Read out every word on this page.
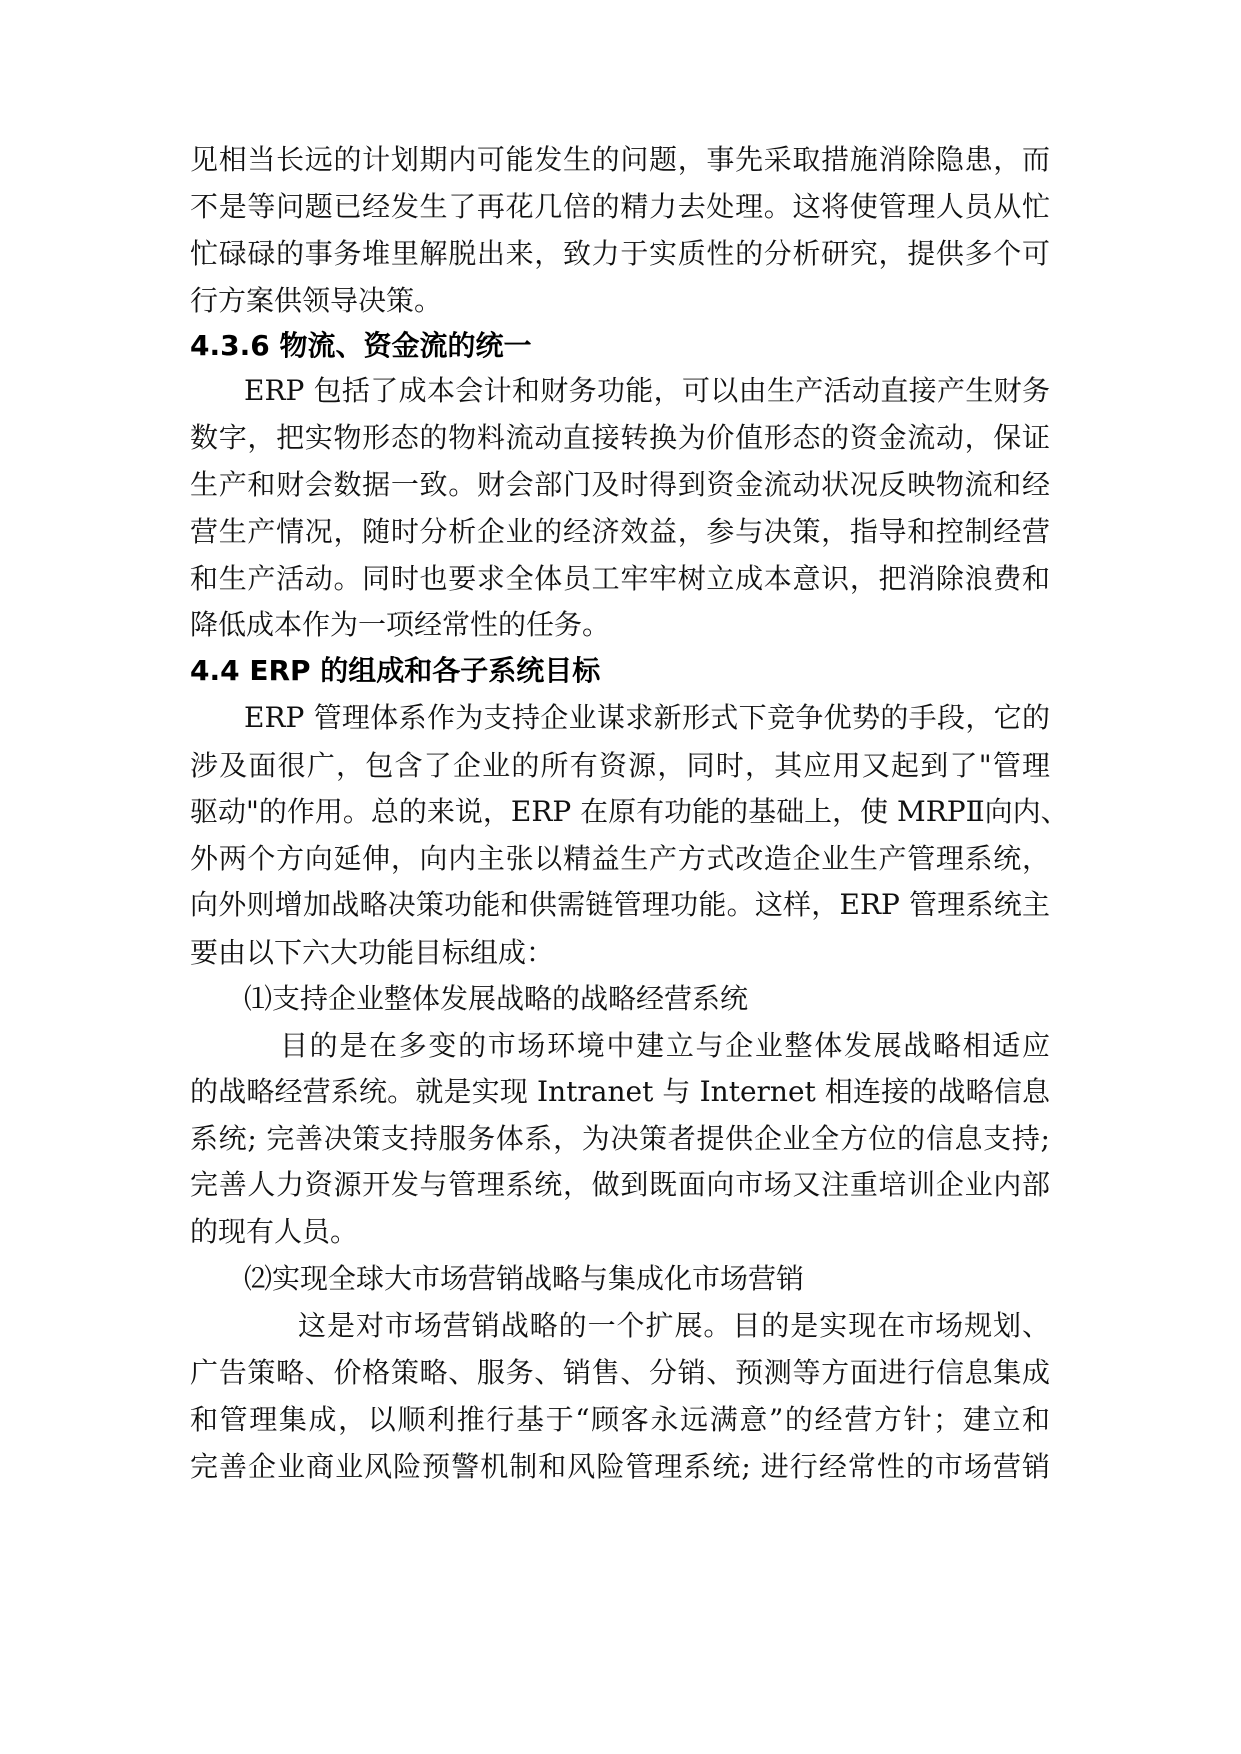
见相当长远的计划期内可能发生的问题，事先采取措施消除隐患，而
不是等问题已经发生了再花几倍的精力去处理。这将使管理人员从忙
忙碌碌的事务堆里解脱出来，致力于实质性的分析研究，提供多个可
行方案供领导决策。
4.3.6 物流、资金流的统一
ERP 包括了成本会计和财务功能，可以由生产活动直接产生财务
数字，把实物形态的物料流动直接转换为价值形态的资金流动，保证
生产和财会数据一致。财会部门及时得到资金流动状况反映物流和经
营生产情况，随时分析企业的经济效益，参与决策，指导和控制经营
和生产活动。同时也要求全体员工牢牢树立成本意识，把消除浪费和
降低成本作为一项经常性的任务。
4.4 ERP 的组成和各子系统目标
ERP 管理体系作为支持企业谋求新形式下竞争优势的手段，它的
涉及面很广，包含了企业的所有资源，同时，其应用又起到了"管理
驱动"的作用。总的来说，ERP 在原有功能的基础上，使 MRPⅡ向内、
外两个方向延伸，向内主张以精益生产方式改造企业生产管理系统，
向外则增加战略决策功能和供需链管理功能。这样，ERP 管理系统主
要由以下六大功能目标组成：
⑴支持企业整体发展战略的战略经营系统
目的是在多变的市场环境中建立与企业整体发展战略相适应
的战略经营系统。就是实现 Intranet 与 Internet 相连接的战略信息
系统; 完善决策支持服务体系，为决策者提供企业全方位的信息支持;
完善人力资源开发与管理系统，做到既面向市场又注重培训企业内部
的现有人员。
⑵实现全球大市场营销战略与集成化市场营销
这是对市场营销战略的一个扩展。目的是实现在市场规划、
广告策略、价格策略、服务、销售、分销、预测等方面进行信息集成
和管理集成，以顺利推行基于“顾客永远满意”的经营方针；建立和
完善企业商业风险预警机制和风险管理系统; 进行经常性的市场营销
